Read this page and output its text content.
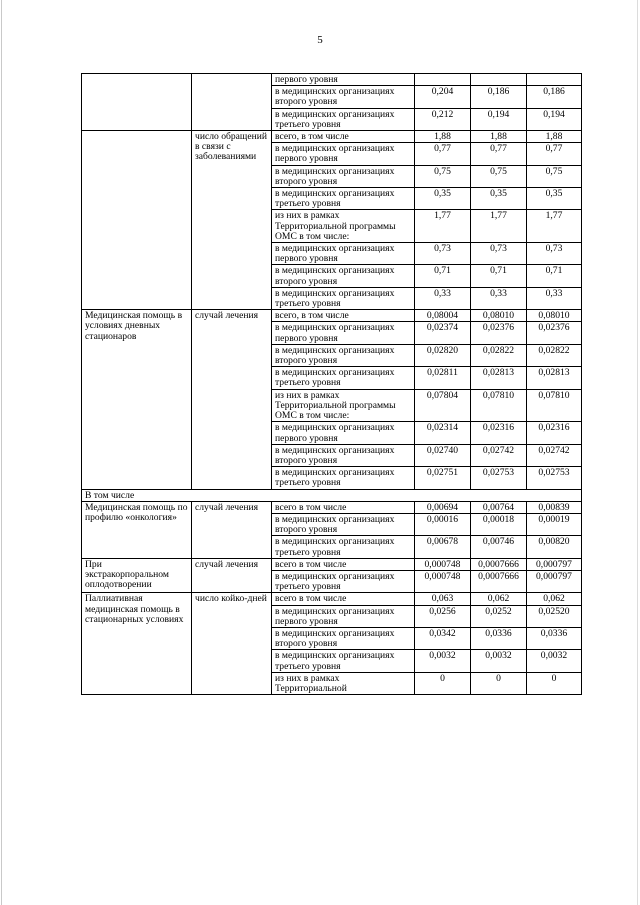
5
		первого уровня			
		в медицинских организациях второго уровня	0,204	0,186	0,186
		в медицинских организациях третьего уровня	0,212	0,194	0,194
	число обращений в связи с заболеваниями	всего, в том числе	1,88	1,88	1,88
		в медицинских организациях первого уровня	0,77	0,77	0,77
		в медицинских организациях второго уровня	0,75	0,75	0,75
		в медицинских организациях третьего уровня	0,35	0,35	0,35
		из них в рамках Территориальной программы ОМС в том числе:	1,77	1,77	1,77
		в медицинских организациях первого уровня	0,73	0,73	0,73
		в медицинских организациях второго уровня	0,71	0,71	0,71
		в медицинских организациях третьего уровня	0,33	0,33	0,33
Медицинская помощь в условиях дневных стационаров	случай лечения	всего, в том числе	0,08004	0,08010	0,08010
		в медицинских организациях первого уровня	0,02374	0,02376	0,02376
		в медицинских организациях второго уровня	0,02820	0,02822	0,02822
		в медицинских организациях третьего уровня	0,02811	0,02813	0,02813
		из них в рамках Территориальной программы ОМС в том числе:	0,07804	0,07810	0,07810
		в медицинских организациях первого уровня	0,02314	0,02316	0,02316
		в медицинских организациях второго уровня	0,02740	0,02742	0,02742
		в медицинских организациях третьего уровня	0,02751	0,02753	0,02753
В том числе					
Медицинская помощь по профилю «онкология»	случай лечения	всего в том числе	0,00694	0,00764	0,00839
		в медицинских организациях второго уровня	0,00016	0,00018	0,00019
		в медицинских организациях третьего уровня	0,00678	0,00746	0,00820
При экстракорпоральном оплодотворении	случай лечения	всего в том числе	0,000748	0,0007666	0,000797
		в медицинских организациях третьего уровня	0,000748	0,0007666	0,000797
Паллиативная медицинская помощь в стационарных условиях	число койко-дней	всего в том числе	0,063	0,062	0,062
		в медицинских организациях первого уровня	0,0256	0,0252	0,02520
		в медицинских организациях второго уровня	0,0342	0,0336	0,0336
		в медицинских организациях третьего уровня	0,0032	0,0032	0,0032
		из них в рамках Территориальной	0	0	0
